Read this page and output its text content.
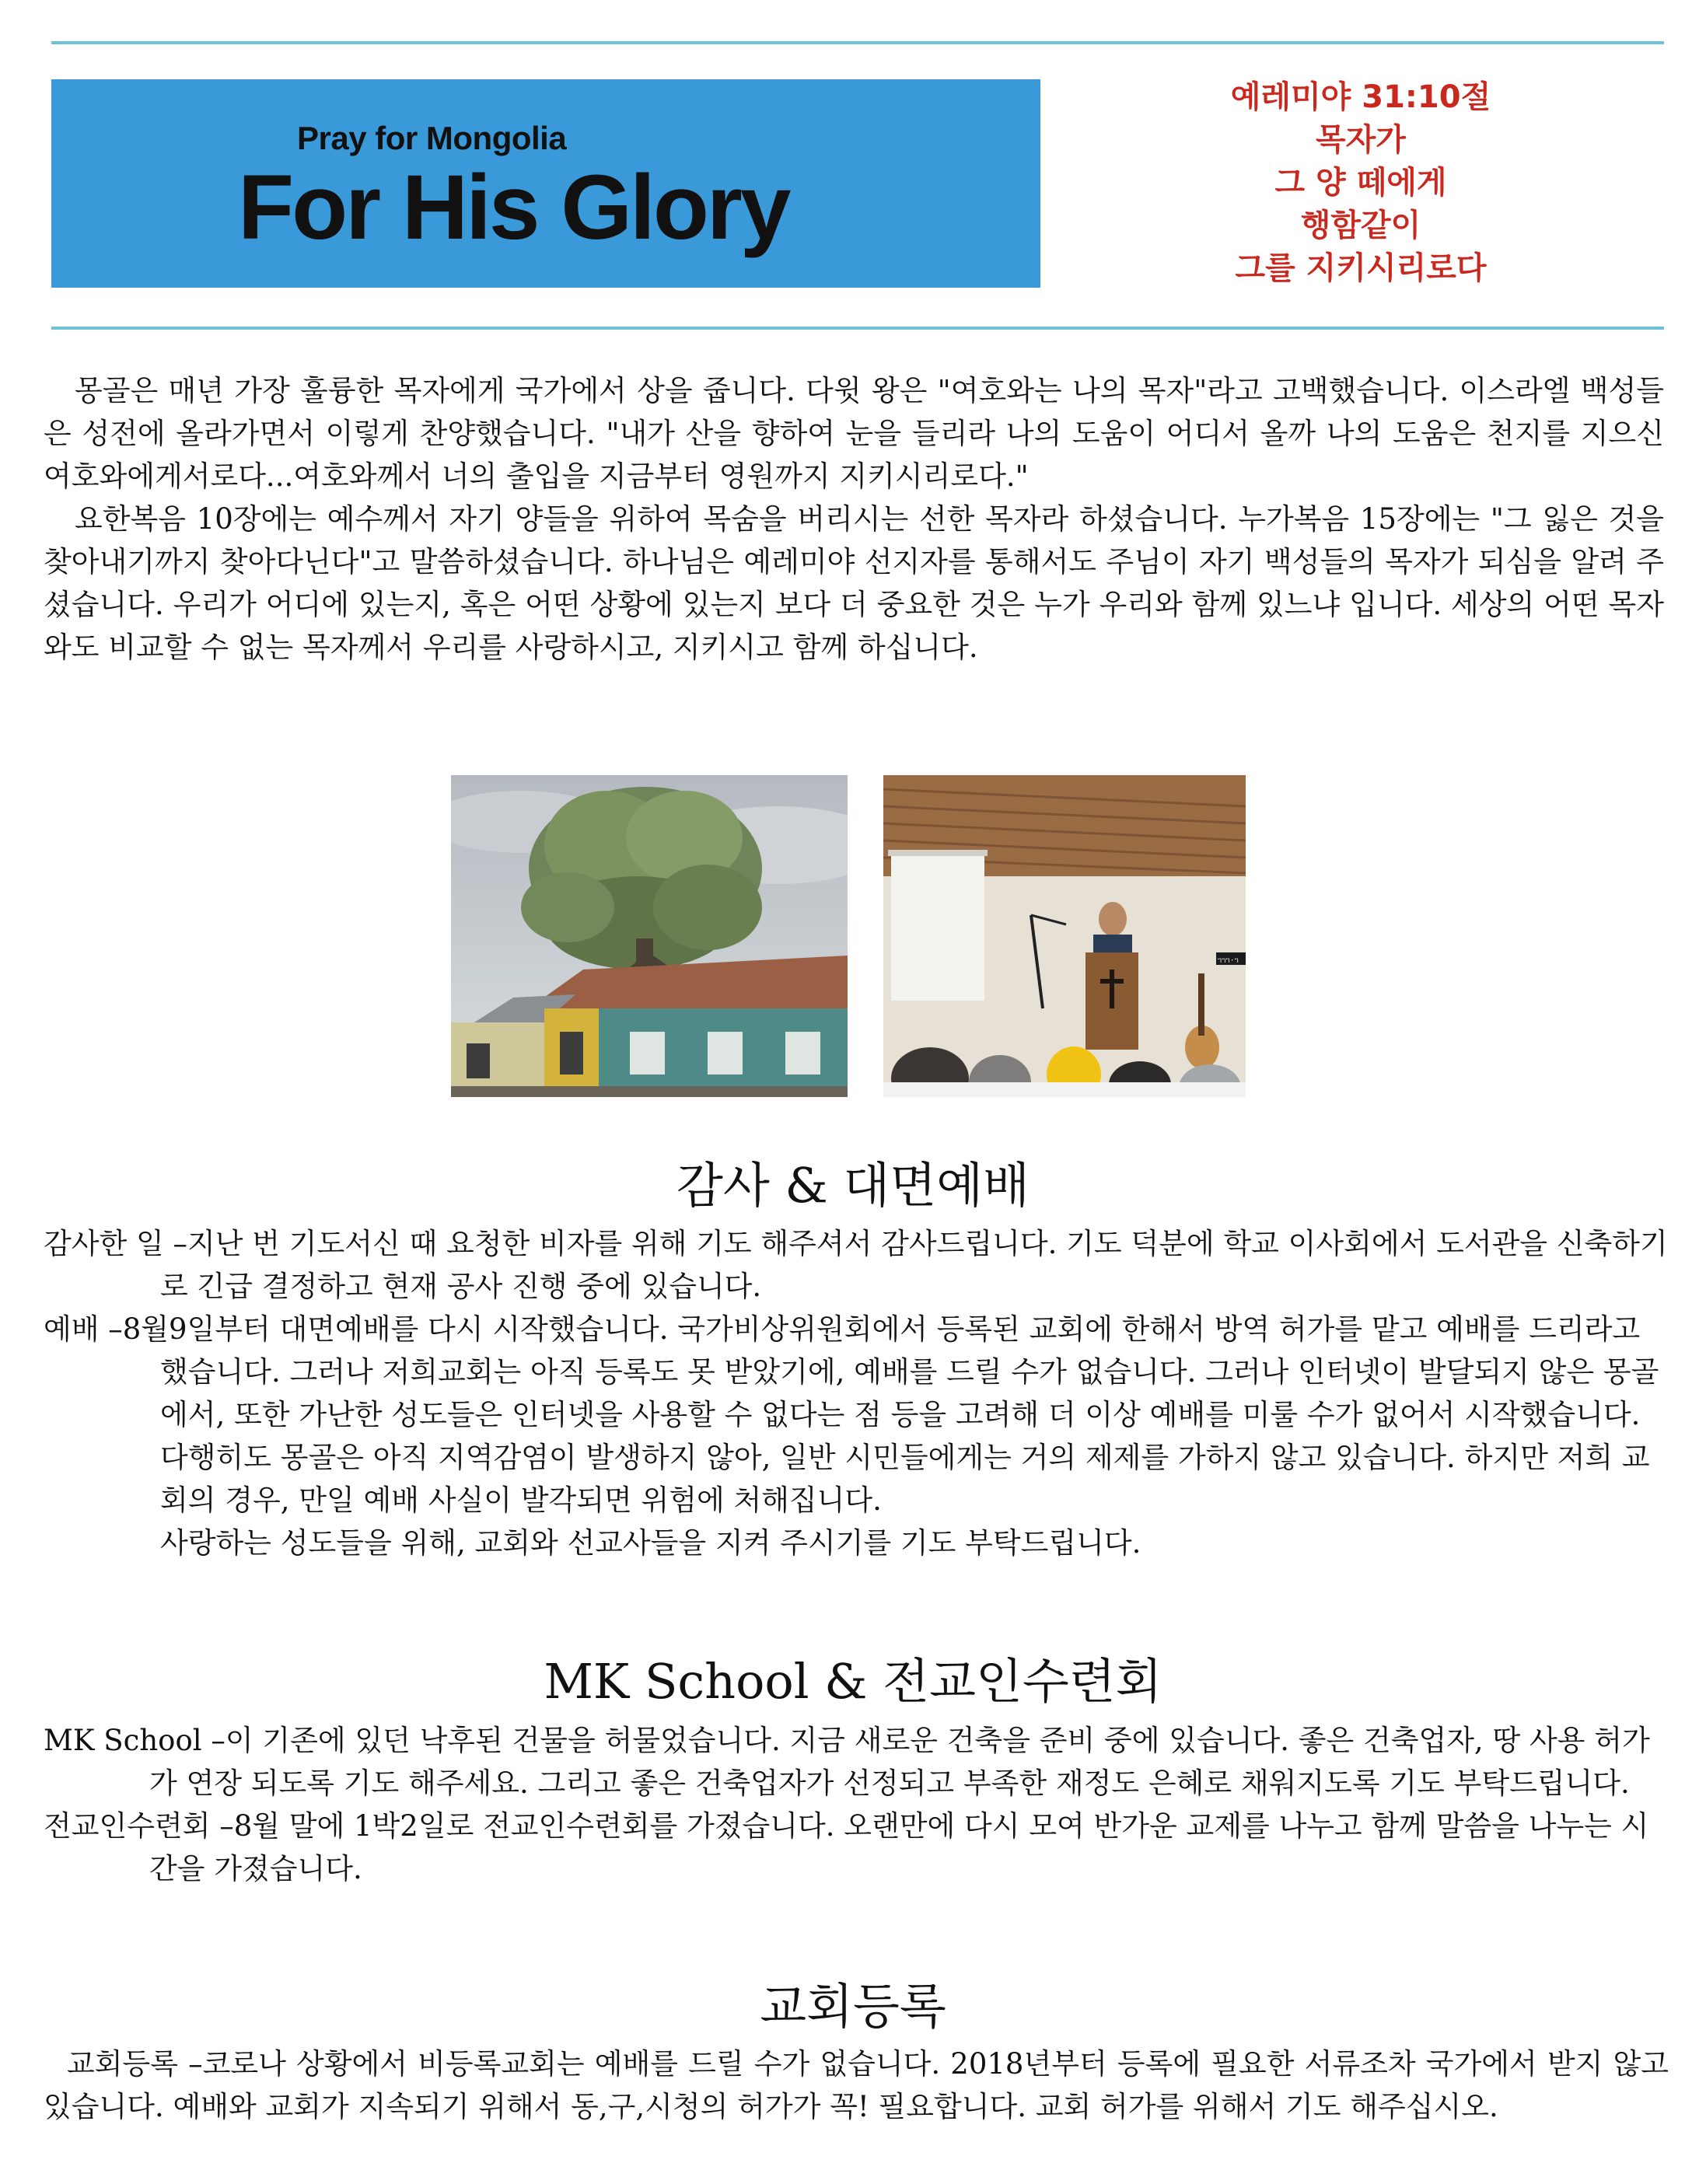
Pray for Mongolia
For His Glory
예레미야 31:10절
목자가
그 양 떼에게
행함같이
그를 지키시리로다

몽골은 매년 가장 훌륭한 목자에게 국가에서 상을 줍니다. 다윗 왕은 "여호와는 나의 목자"라고 고백했습니다. 이스라엘 백성들은 성전에 올라가면서 이렇게 찬양했습니다. "내가 산을 향하여 눈을 들리라 나의 도움이 어디서 올까 나의 도움은 천지를 지으신 여호와에게서로다...여호와께서 너의 출입을 지금부터 영원까지 지키시리로다."

요한복음 10장에는 예수께서 자기 양들을 위하여 목숨을 버리시는 선한 목자라 하셨습니다. 누가복음 15장에는 "그 잃은 것을 찾아내기까지 찾아다닌다"고 말씀하셨습니다. 하나님은 예레미야 선지자를 통해서도 주님이 자기 백성들의 목자가 되심을 알려 주셨습니다. 우리가 어디에 있는지, 혹은 어떤 상황에 있는지 보다 더 중요한 것은 누가 우리와 함께 있느냐 입니다. 세상의 어떤 목자와도 비교할 수 없는 목자께서 우리를 사랑하시고, 지키시고 함께 하십니다.

ᥐᥐᥐ·ᥐ
감사 & 대면예배

감사한 일 –지난 번 기도서신 때 요청한 비자를 위해 기도 해주셔서 감사드립니다. 기도 덕분에 학교 이사회에서 도서관을 신축하기로 긴급 결정하고 현재 공사 진행 중에 있습니다.

예배 –8월9일부터 대면예배를 다시 시작했습니다. 국가비상위원회에서 등록된 교회에 한해서 방역 허가를 맡고 예배를 드리라고 했습니다. 그러나 저희교회는 아직 등록도 못 받았기에, 예배를 드릴 수가 없습니다. 그러나 인터넷이 발달되지 않은 몽골에서, 또한 가난한 성도들은 인터넷을 사용할 수 없다는 점 등을 고려해 더 이상 예배를 미룰 수가 없어서 시작했습니다. 다행히도 몽골은 아직 지역감염이 발생하지 않아, 일반 시민들에게는 거의 제제를 가하지 않고 있습니다. 하지만 저희 교회의 경우, 만일 예배 사실이 발각되면 위험에 처해집니다.

사랑하는 성도들을 위해, 교회와 선교사들을 지켜 주시기를 기도 부탁드립니다.

MK School & 전교인수련회

MK School –이 기존에 있던 낙후된 건물을 허물었습니다. 지금 새로운 건축을 준비 중에 있습니다. 좋은 건축업자, 땅 사용 허가가 연장 되도록 기도 해주세요. 그리고 좋은 건축업자가 선정되고 부족한 재정도 은혜로 채워지도록 기도 부탁드립니다.

전교인수련회 –8월 말에 1박2일로 전교인수련회를 가졌습니다. 오랜만에 다시 모여 반가운 교제를 나누고 함께 말씀을 나누는 시간을 가졌습니다.

교회등록

교회등록 –코로나 상황에서 비등록교회는 예배를 드릴 수가 없습니다. 2018년부터 등록에 필요한 서류조차 국가에서 받지 않고 있습니다. 예배와 교회가 지속되기 위해서 동,구,시청의 허가가 꼭! 필요합니다. 교회 허가를 위해서 기도 해주십시오.
